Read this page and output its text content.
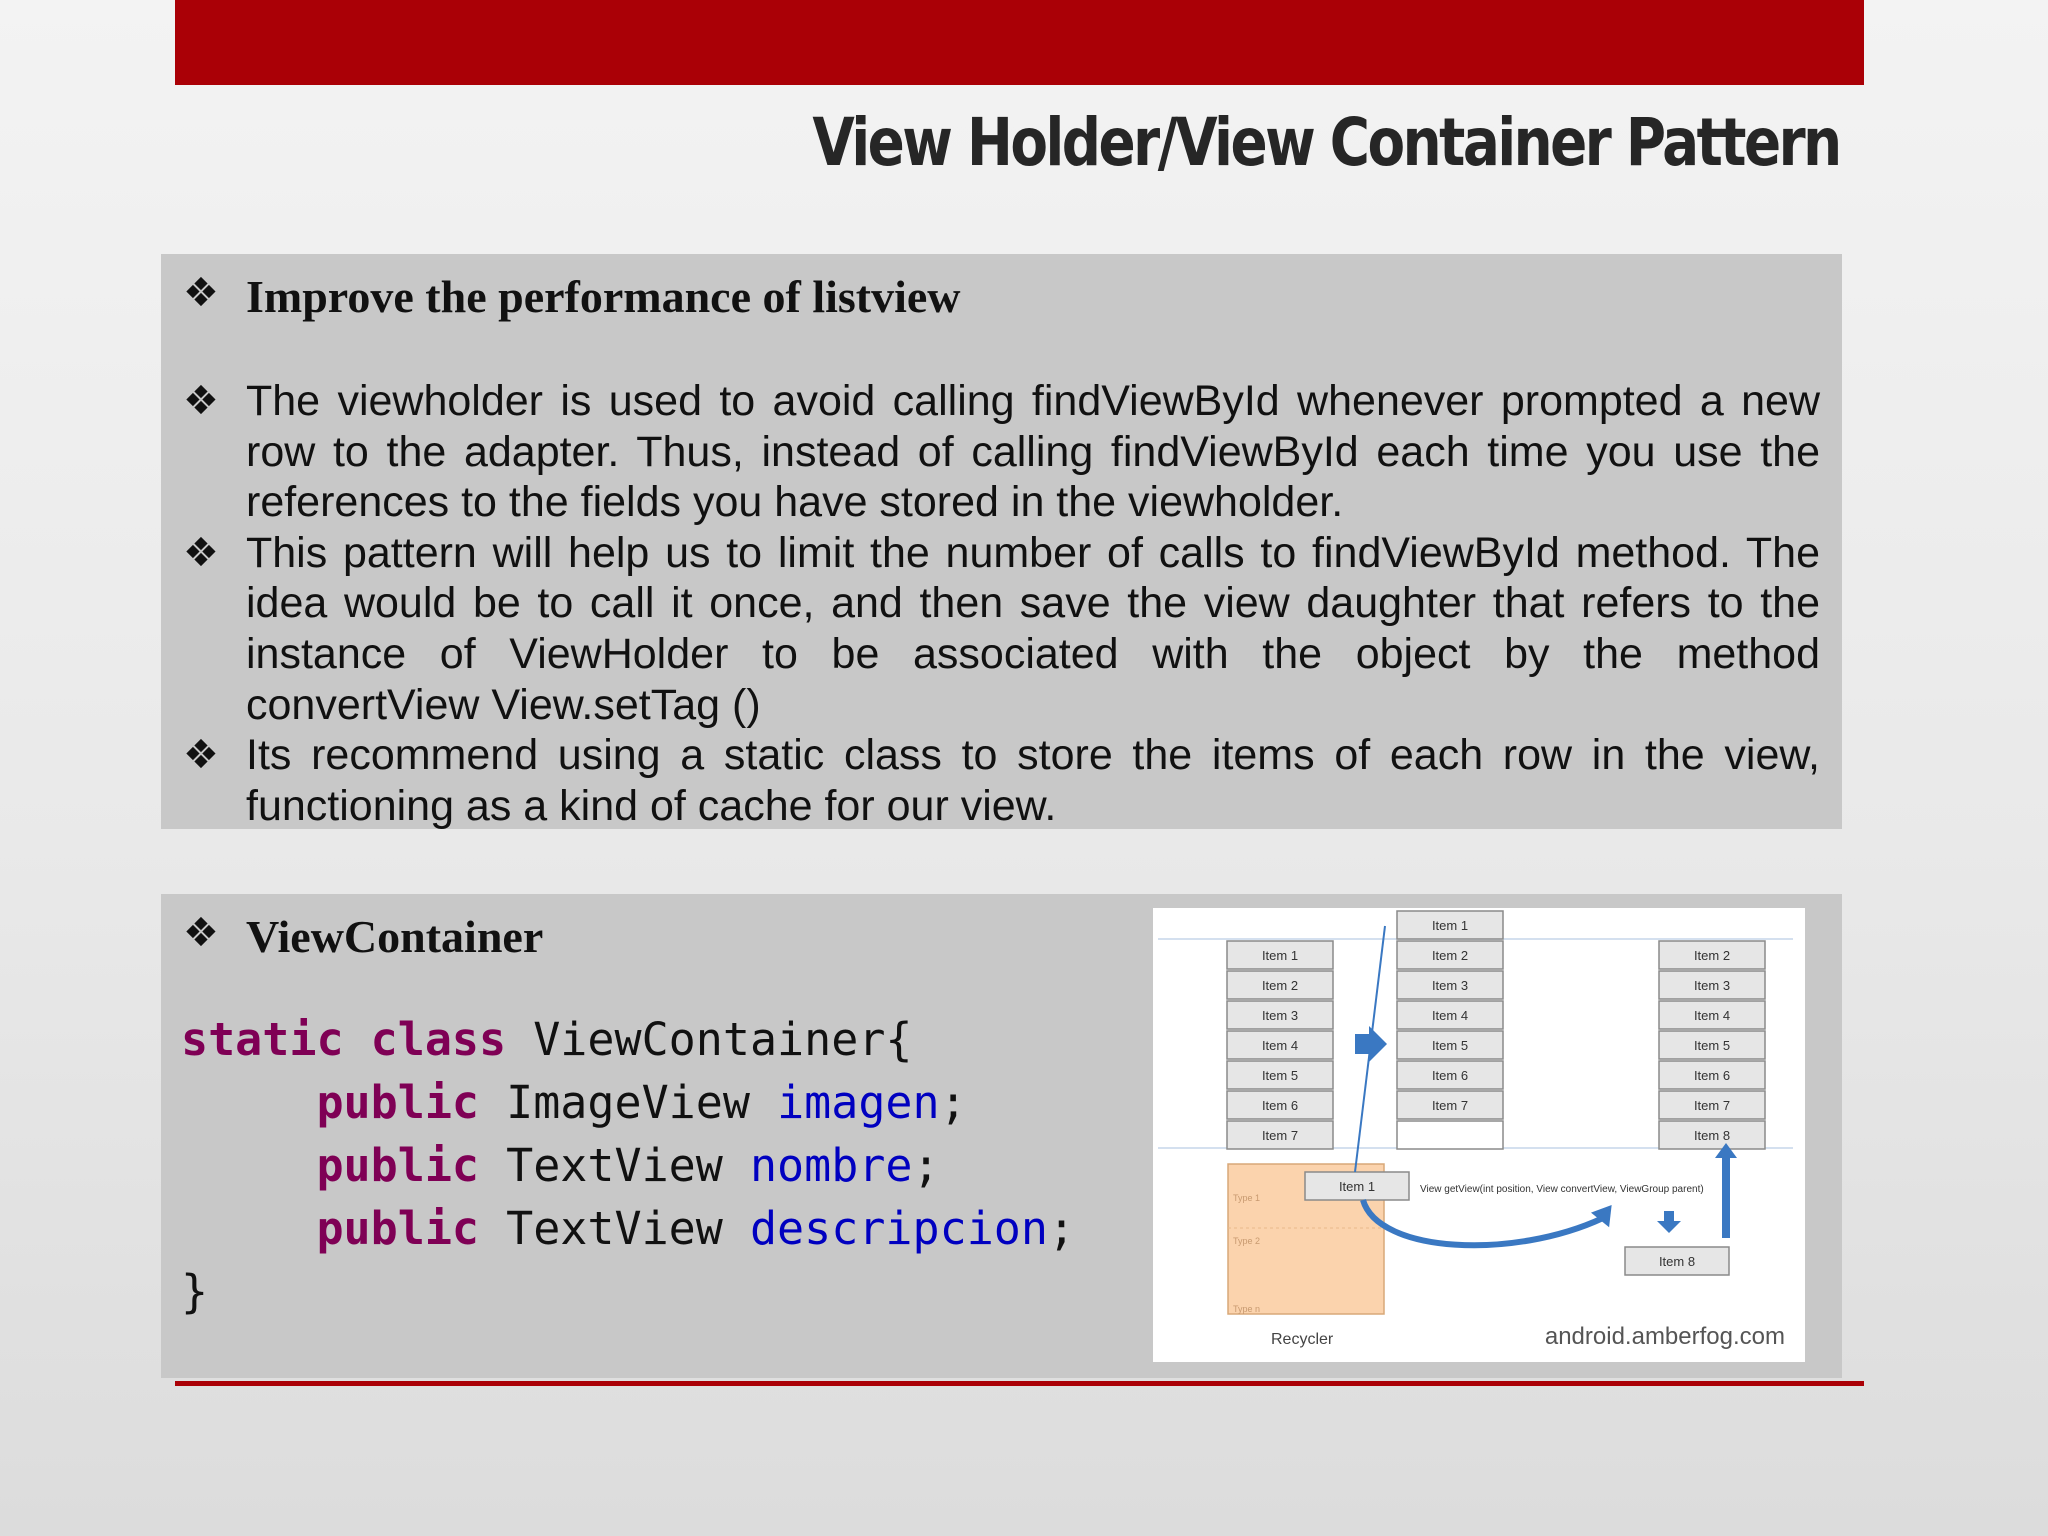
View Holder/View Container Pattern
❖ Improve the performance of listview
❖ The viewholder is used to avoid calling findViewById whenever prompted a new row to the adapter. Thus, instead of calling findViewById each time you use the references to the fields you have stored in the viewholder.
❖ This pattern will help us to limit the number of calls to findViewById method. The idea would be to call it once, and then save the view daughter that refers to the instance of ViewHolder to be associated with the object by the method convertView View.setTag ()
❖ Its recommend using a static class to store the items of each row in the view, functioning as a kind of cache for our view.
❖ ViewContainer
static class ViewContainer{
public ImageView imagen;
public TextView nombre;
public TextView descripcion;
}
Type 1
Type 2
Type n
Recycler
Item 1
Item 2
Item 3
Item 4
Item 5
Item 6
Item 7
Item 1
Item 2
Item 3
Item 4
Item 5
Item 6
Item 7
Item 2
Item 3
Item 4
Item 5
Item 6
Item 7
Item 8
Item 1
Item 8
View getView(int position, View convertView, ViewGroup parent)
android.amberfog.com
